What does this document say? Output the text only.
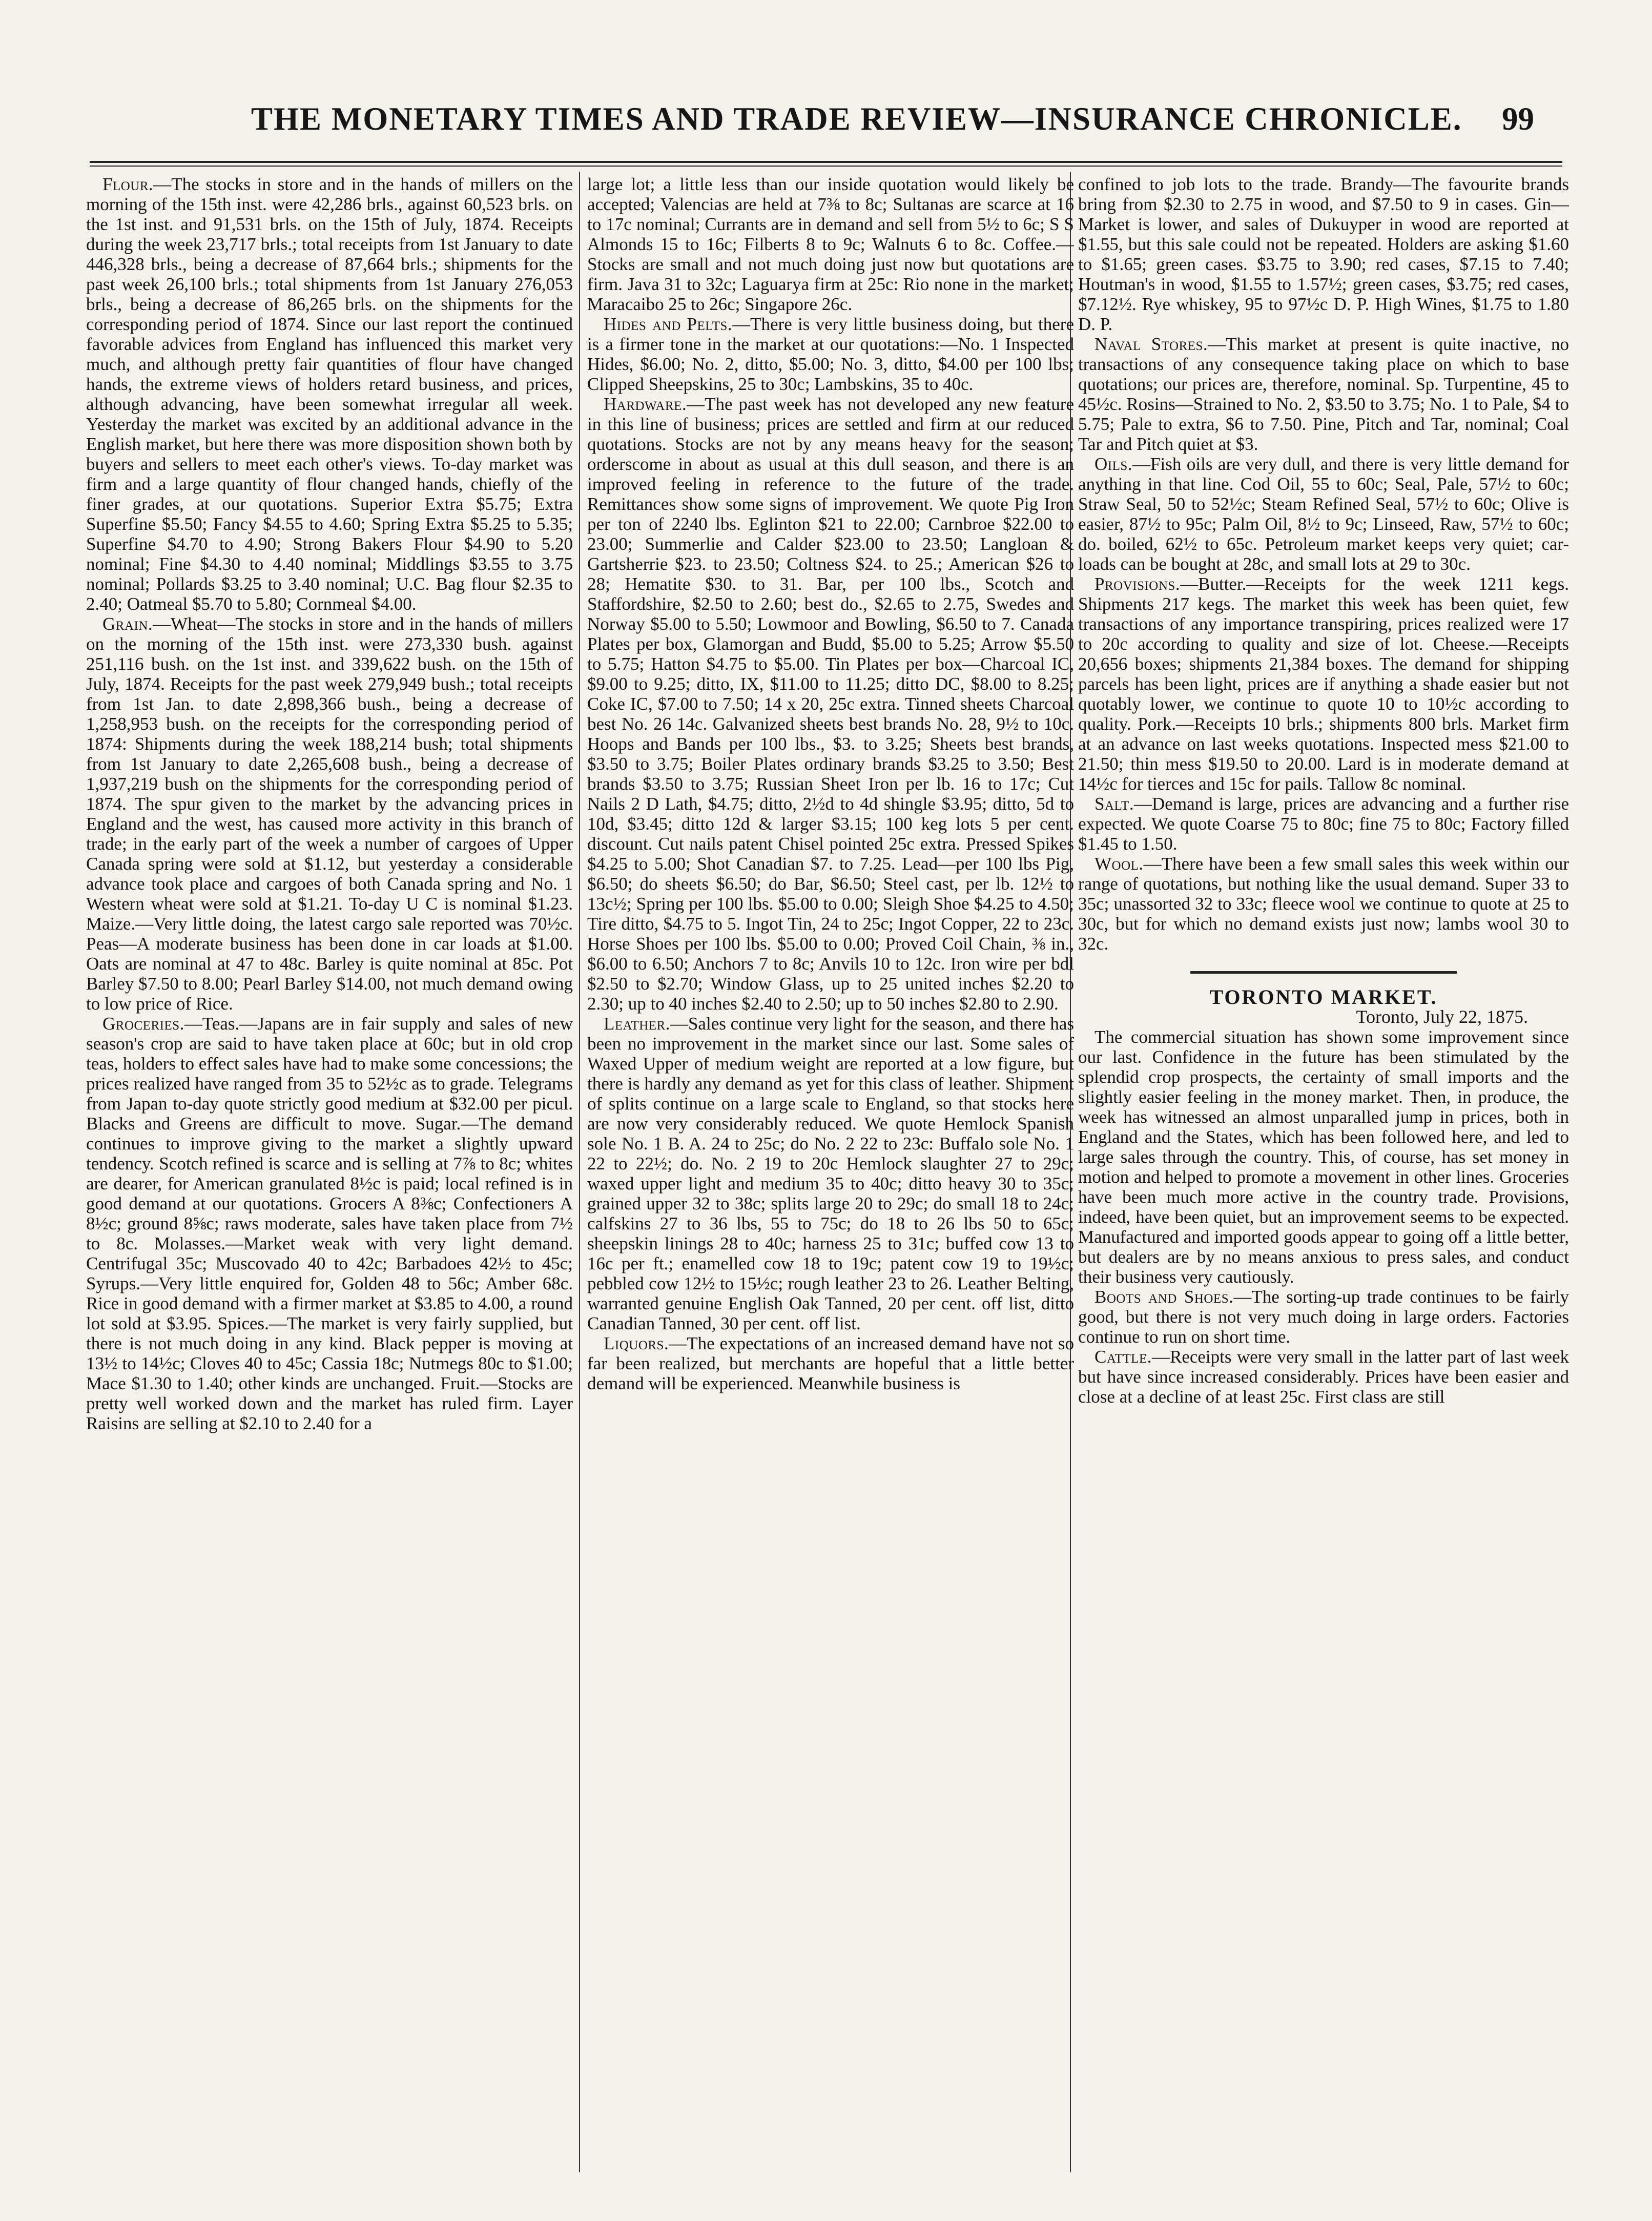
THE MONETARY TIMES AND TRADE REVIEW—INSURANCE CHRONICLE. 99

Flour.—The stocks in store and in the hands of millers on the morning of the 15th inst. were 42,286 brls., against 60,523 brls. on the 1st inst. and 91,531 brls. on the 15th of July, 1874. Receipts during the week 23,717 brls.; total receipts from 1st January to date 446,328 brls., being a decrease of 87,664 brls.; shipments for the past week 26,100 brls.; total shipments from 1st January 276,053 brls., being a decrease of 86,265 brls. on the shipments for the corresponding period of 1874. Since our last report the continued favorable advices from England has influenced this market very much, and although pretty fair quantities of flour have changed hands, the extreme views of holders retard business, and prices, although advancing, have been somewhat irregular all week. Yesterday the market was excited by an additional advance in the English market, but here there was more disposition shown both by buyers and sellers to meet each other's views. To-day market was firm and a large quantity of flour changed hands, chiefly of the finer grades, at our quotations. Superior Extra $5.75; Extra Superfine $5.50; Fancy $4.55 to 4.60; Spring Extra $5.25 to 5.35; Superfine $4.70 to 4.90; Strong Bakers Flour $4.90 to 5.20 nominal; Fine $4.30 to 4.40 nominal; Middlings $3.55 to 3.75 nominal; Pollards $3.25 to 3.40 nominal; U.C. Bag flour $2.35 to 2.40; Oatmeal $5.70 to 5.80; Cornmeal $4.00.

Grain.—Wheat—The stocks in store and in the hands of millers on the morning of the 15th inst. were 273,330 bush. against 251,116 bush. on the 1st inst. and 339,622 bush. on the 15th of July, 1874. Receipts for the past week 279,949 bush.; total receipts from 1st Jan. to date 2,898,366 bush., being a decrease of 1,258,953 bush. on the receipts for the corresponding period of 1874: Shipments during the week 188,214 bush; total shipments from 1st January to date 2,265,608 bush., being a decrease of 1,937,219 bush on the shipments for the corresponding period of 1874. The spur given to the market by the advancing prices in England and the west, has caused more activity in this branch of trade; in the early part of the week a number of cargoes of Upper Canada spring were sold at $1.12, but yesterday a considerable advance took place and cargoes of both Canada spring and No. 1 Western wheat were sold at $1.21. To-day U C is nominal $1.23. Maize.—Very little doing, the latest cargo sale reported was 70½c. Peas—A moderate business has been done in car loads at $1.00. Oats are nominal at 47 to 48c. Barley is quite nominal at 85c. Pot Barley $7.50 to 8.00; Pearl Barley $14.00, not much demand owing to low price of Rice.

Groceries.—Teas.—Japans are in fair supply and sales of new season's crop are said to have taken place at 60c; but in old crop teas, holders to effect sales have had to make some concessions; the prices realized have ranged from 35 to 52½c as to grade. Telegrams from Japan to-day quote strictly good medium at $32.00 per picul. Blacks and Greens are difficult to move. Sugar.—The demand continues to improve giving to the market a slightly upward tendency. Scotch refined is scarce and is selling at 7⅞ to 8c; whites are dearer, for American granulated 8½c is paid; local refined is in good demand at our quotations. Grocers A 8⅜c; Confectioners A 8½c; ground 8⅝c; raws moderate, sales have taken place from 7½ to 8c. Molasses.—Market weak with very light demand. Centrifugal 35c; Muscovado 40 to 42c; Barbadoes 42½ to 45c; Syrups.—Very little enquired for, Golden 48 to 56c; Amber 68c. Rice in good demand with a firmer market at $3.85 to 4.00, a round lot sold at $3.95. Spices.—The market is very fairly supplied, but there is not much doing in any kind. Black pepper is moving at 13½ to 14½c; Cloves 40 to 45c; Cassia 18c; Nutmegs 80c to $1.00; Mace $1.30 to 1.40; other kinds are unchanged. Fruit.—Stocks are pretty well worked down and the market has ruled firm. Layer Raisins are selling at $2.10 to 2.40 for a

large lot; a little less than our inside quotation would likely be accepted; Valencias are held at 7⅜ to 8c; Sultanas are scarce at 16 to 17c nominal; Currants are in demand and sell from 5½ to 6c; S S Almonds 15 to 16c; Filberts 8 to 9c; Walnuts 6 to 8c. Coffee.—Stocks are small and not much doing just now but quotations are firm. Java 31 to 32c; Laguarya firm at 25c: Rio none in the market; Maracaibo 25 to 26c; Singapore 26c.

Hides and Pelts.—There is very little business doing, but there is a firmer tone in the market at our quotations:—No. 1 Inspected Hides, $6.00; No. 2, ditto, $5.00; No. 3, ditto, $4.00 per 100 lbs; Clipped Sheepskins, 25 to 30c; Lambskins, 35 to 40c.

Hardware.—The past week has not developed any new feature in this line of business; prices are settled and firm at our reduced quotations. Stocks are not by any means heavy for the season; orderscome in about as usual at this dull season, and there is an improved feeling in reference to the future of the trade. Remittances show some signs of improvement. We quote Pig Iron per ton of 2240 lbs. Eglinton $21 to 22.00; Carnbroe $22.00 to 23.00; Summerlie and Calder $23.00 to 23.50; Langloan & Gartsherrie $23. to 23.50; Coltness $24. to 25.; American $26 to 28; Hematite $30. to 31. Bar, per 100 lbs., Scotch and Staffordshire, $2.50 to 2.60; best do., $2.65 to 2.75, Swedes and Norway $5.00 to 5.50; Lowmoor and Bowling, $6.50 to 7. Canada Plates per box, Glamorgan and Budd, $5.00 to 5.25; Arrow $5.50 to 5.75; Hatton $4.75 to $5.00. Tin Plates per box—Charcoal IC, $9.00 to 9.25; ditto, IX, $11.00 to 11.25; ditto DC, $8.00 to 8.25; Coke IC, $7.00 to 7.50; 14 x 20, 25c extra. Tinned sheets Charcoal best No. 26 14c. Galvanized sheets best brands No. 28, 9½ to 10c. Hoops and Bands per 100 lbs., $3. to 3.25; Sheets best brands, $3.50 to 3.75; Boiler Plates ordinary brands $3.25 to 3.50; Best brands $3.50 to 3.75; Russian Sheet Iron per lb. 16 to 17c; Cut Nails 2 D Lath, $4.75; ditto, 2½d to 4d shingle $3.95; ditto, 5d to 10d, $3.45; ditto 12d & larger $3.15; 100 keg lots 5 per cent. discount. Cut nails patent Chisel pointed 25c extra. Pressed Spikes $4.25 to 5.00; Shot Canadian $7. to 7.25. Lead—per 100 lbs Pig, $6.50; do sheets $6.50; do Bar, $6.50; Steel cast, per lb. 12½ to 13c½; Spring per 100 lbs. $5.00 to 0.00; Sleigh Shoe $4.25 to 4.50; Tire ditto, $4.75 to 5. Ingot Tin, 24 to 25c; Ingot Copper, 22 to 23c. Horse Shoes per 100 lbs. $5.00 to 0.00; Proved Coil Chain, ⅜ in., $6.00 to 6.50; Anchors 7 to 8c; Anvils 10 to 12c. Iron wire per bdl $2.50 to $2.70; Window Glass, up to 25 united inches $2.20 to 2.30; up to 40 inches $2.40 to 2.50; up to 50 inches $2.80 to 2.90.

Leather.—Sales continue very light for the season, and there has been no improvement in the market since our last. Some sales of Waxed Upper of medium weight are reported at a low figure, but there is hardly any demand as yet for this class of leather. Shipment of splits continue on a large scale to England, so that stocks here are now very considerably reduced. We quote Hemlock Spanish sole No. 1 B. A. 24 to 25c; do No. 2 22 to 23c: Buffalo sole No. 1 22 to 22½; do. No. 2 19 to 20c Hemlock slaughter 27 to 29c; waxed upper light and medium 35 to 40c; ditto heavy 30 to 35c; grained upper 32 to 38c; splits large 20 to 29c; do small 18 to 24c; calfskins 27 to 36 lbs, 55 to 75c; do 18 to 26 lbs 50 to 65c; sheepskin linings 28 to 40c; harness 25 to 31c; buffed cow 13 to 16c per ft.; enamelled cow 18 to 19c; patent cow 19 to 19½c; pebbled cow 12½ to 15½c; rough leather 23 to 26. Leather Belting, warranted genuine English Oak Tanned, 20 per cent. off list, ditto Canadian Tanned, 30 per cent. off list.

Liquors.—The expectations of an increased demand have not so far been realized, but merchants are hopeful that a little better demand will be experienced. Meanwhile business is

confined to job lots to the trade. Brandy—The favourite brands bring from $2.30 to 2.75 in wood, and $7.50 to 9 in cases. Gin—Market is lower, and sales of Dukuyper in wood are reported at $1.55, but this sale could not be repeated. Holders are asking $1.60 to $1.65; green cases. $3.75 to 3.90; red cases, $7.15 to 7.40; Houtman's in wood, $1.55 to 1.57½; green cases, $3.75; red cases, $7.12½. Rye whiskey, 95 to 97½c D. P. High Wines, $1.75 to 1.80 D. P.

Naval Stores.—This market at present is quite inactive, no transactions of any consequence taking place on which to base quotations; our prices are, therefore, nominal. Sp. Turpentine, 45 to 45½c. Rosins—Strained to No. 2, $3.50 to 3.75; No. 1 to Pale, $4 to 5.75; Pale to extra, $6 to 7.50. Pine, Pitch and Tar, nominal; Coal Tar and Pitch quiet at $3.

Oils.—Fish oils are very dull, and there is very little demand for anything in that line. Cod Oil, 55 to 60c; Seal, Pale, 57½ to 60c; Straw Seal, 50 to 52½c; Steam Refined Seal, 57½ to 60c; Olive is easier, 87½ to 95c; Palm Oil, 8½ to 9c; Linseed, Raw, 57½ to 60c; do. boiled, 62½ to 65c. Petroleum market keeps very quiet; car-loads can be bought at 28c, and small lots at 29 to 30c.

Provisions.—Butter.—Receipts for the week 1211 kegs. Shipments 217 kegs. The market this week has been quiet, few transactions of any importance transpiring, prices realized were 17 to 20c according to quality and size of lot. Cheese.—Receipts 20,656 boxes; shipments 21,384 boxes. The demand for shipping parcels has been light, prices are if anything a shade easier but not quotably lower, we continue to quote 10 to 10½c according to quality. Pork.—Receipts 10 brls.; shipments 800 brls. Market firm at an advance on last weeks quotations. Inspected mess $21.00 to 21.50; thin mess $19.50 to 20.00. Lard is in moderate demand at 14½c for tierces and 15c for pails. Tallow 8c nominal.

Salt.—Demand is large, prices are advancing and a further rise expected. We quote Coarse 75 to 80c; fine 75 to 80c; Factory filled $1.45 to 1.50.

Wool.—There have been a few small sales this week within our range of quotations, but nothing like the usual demand. Super 33 to 35c; unassorted 32 to 33c; fleece wool we continue to quote at 25 to 30c, but for which no demand exists just now; lambs wool 30 to 32c.

TORONTO MARKET.

Toronto, July 22, 1875.

The commercial situation has shown some improvement since our last. Confidence in the future has been stimulated by the splendid crop prospects, the certainty of small imports and the slightly easier feeling in the money market. Then, in produce, the week has witnessed an almost unparalled jump in prices, both in England and the States, which has been followed here, and led to large sales through the country. This, of course, has set money in motion and helped to promote a movement in other lines. Groceries have been much more active in the country trade. Provisions, indeed, have been quiet, but an improvement seems to be expected. Manufactured and imported goods appear to going off a little better, but dealers are by no means anxious to press sales, and conduct their business very cautiously.

Boots and Shoes.—The sorting-up trade continues to be fairly good, but there is not very much doing in large orders. Factories continue to run on short time.

Cattle.—Receipts were very small in the latter part of last week but have since increased considerably. Prices have been easier and close at a decline of at least 25c. First class are still
